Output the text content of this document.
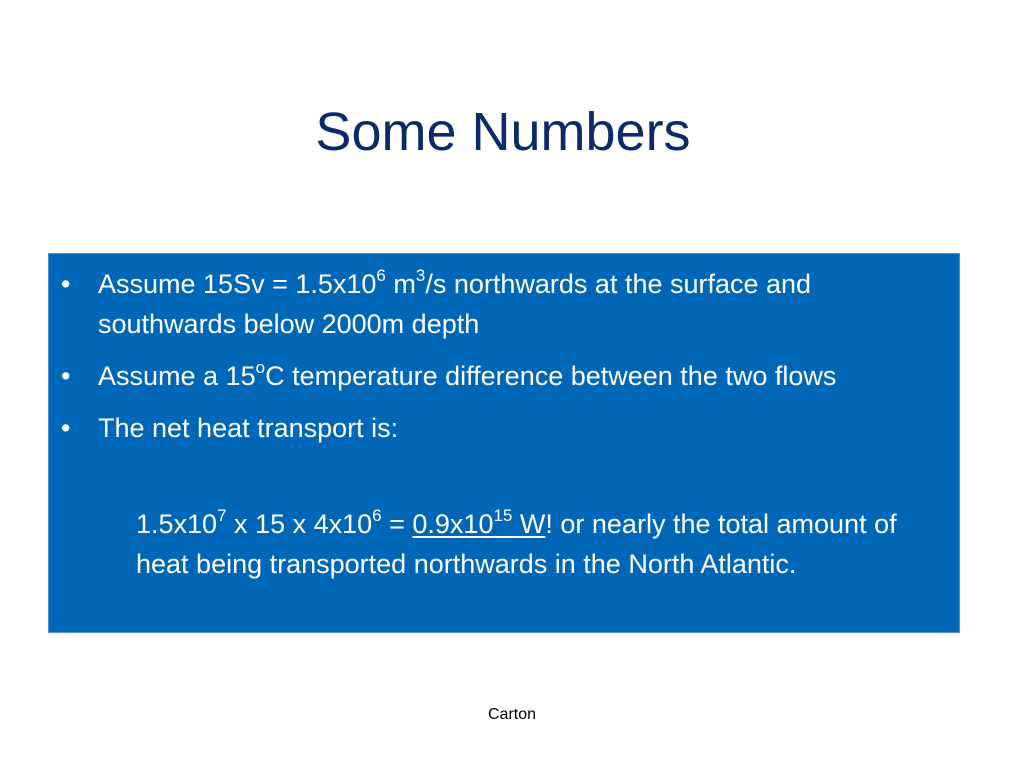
Some Numbers
• Assume $15Sv = 1.5x10^6$ $m^3/s$ northwards at the surface and southwards below 2000m depth
• Assume a 15$^o$C temperature difference between the two flows
• The net heat transport is:
$1.5x10^7$ x 15 x $4x10^6 = 0.9x10^{15}$ W! or nearly the total amount of heat being transported northwards in the North Atlantic.
Carton
